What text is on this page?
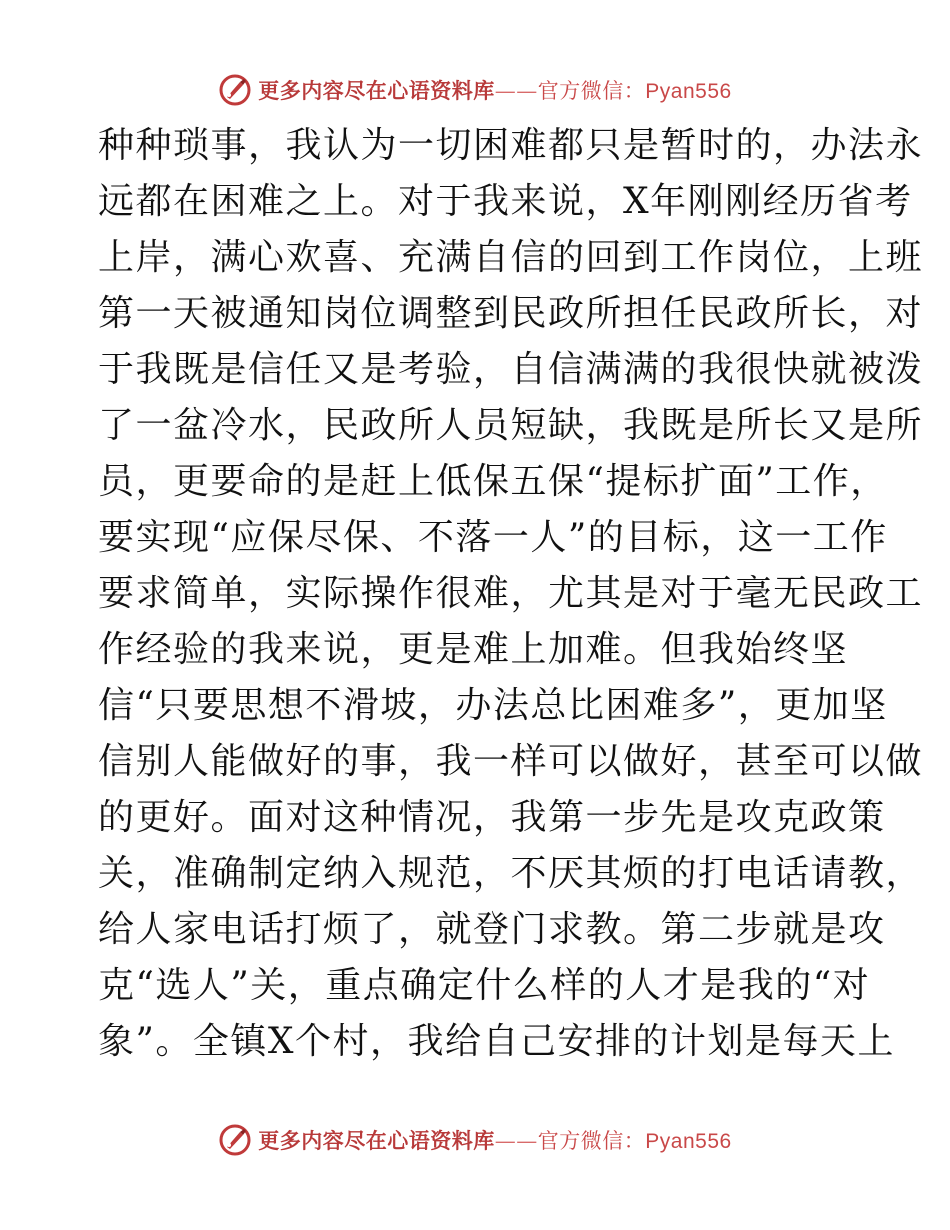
更多内容尽在心语资料库——官方微信：Pyan556
种种琐事，我认为一切困难都只是暂时的，办法永
远都在困难之上。对于我来说，X年刚刚经历省考
上岸，满心欢喜、充满自信的回到工作岗位，上班
第一天被通知岗位调整到民政所担任民政所长，对
于我既是信任又是考验，自信满满的我很快就被泼
了一盆冷水，民政所人员短缺，我既是所长又是所
员，更要命的是赶上低保五保“提标扩面”工作，
要实现“应保尽保、不落一人”的目标，这一工作
要求简单，实际操作很难，尤其是对于毫无民政工
作经验的我来说，更是难上加难。但我始终坚
信“只要思想不滑坡，办法总比困难多”，更加坚
信别人能做好的事，我一样可以做好，甚至可以做
的更好。面对这种情况，我第一步先是攻克政策
关，准确制定纳入规范，不厌其烦的打电话请教，
给人家电话打烦了，就登门求教。第二步就是攻
克“选人”关，重点确定什么样的人才是我的“对
象”。全镇X个村，我给自己安排的计划是每天上
更多内容尽在心语资料库——官方微信：Pyan556
